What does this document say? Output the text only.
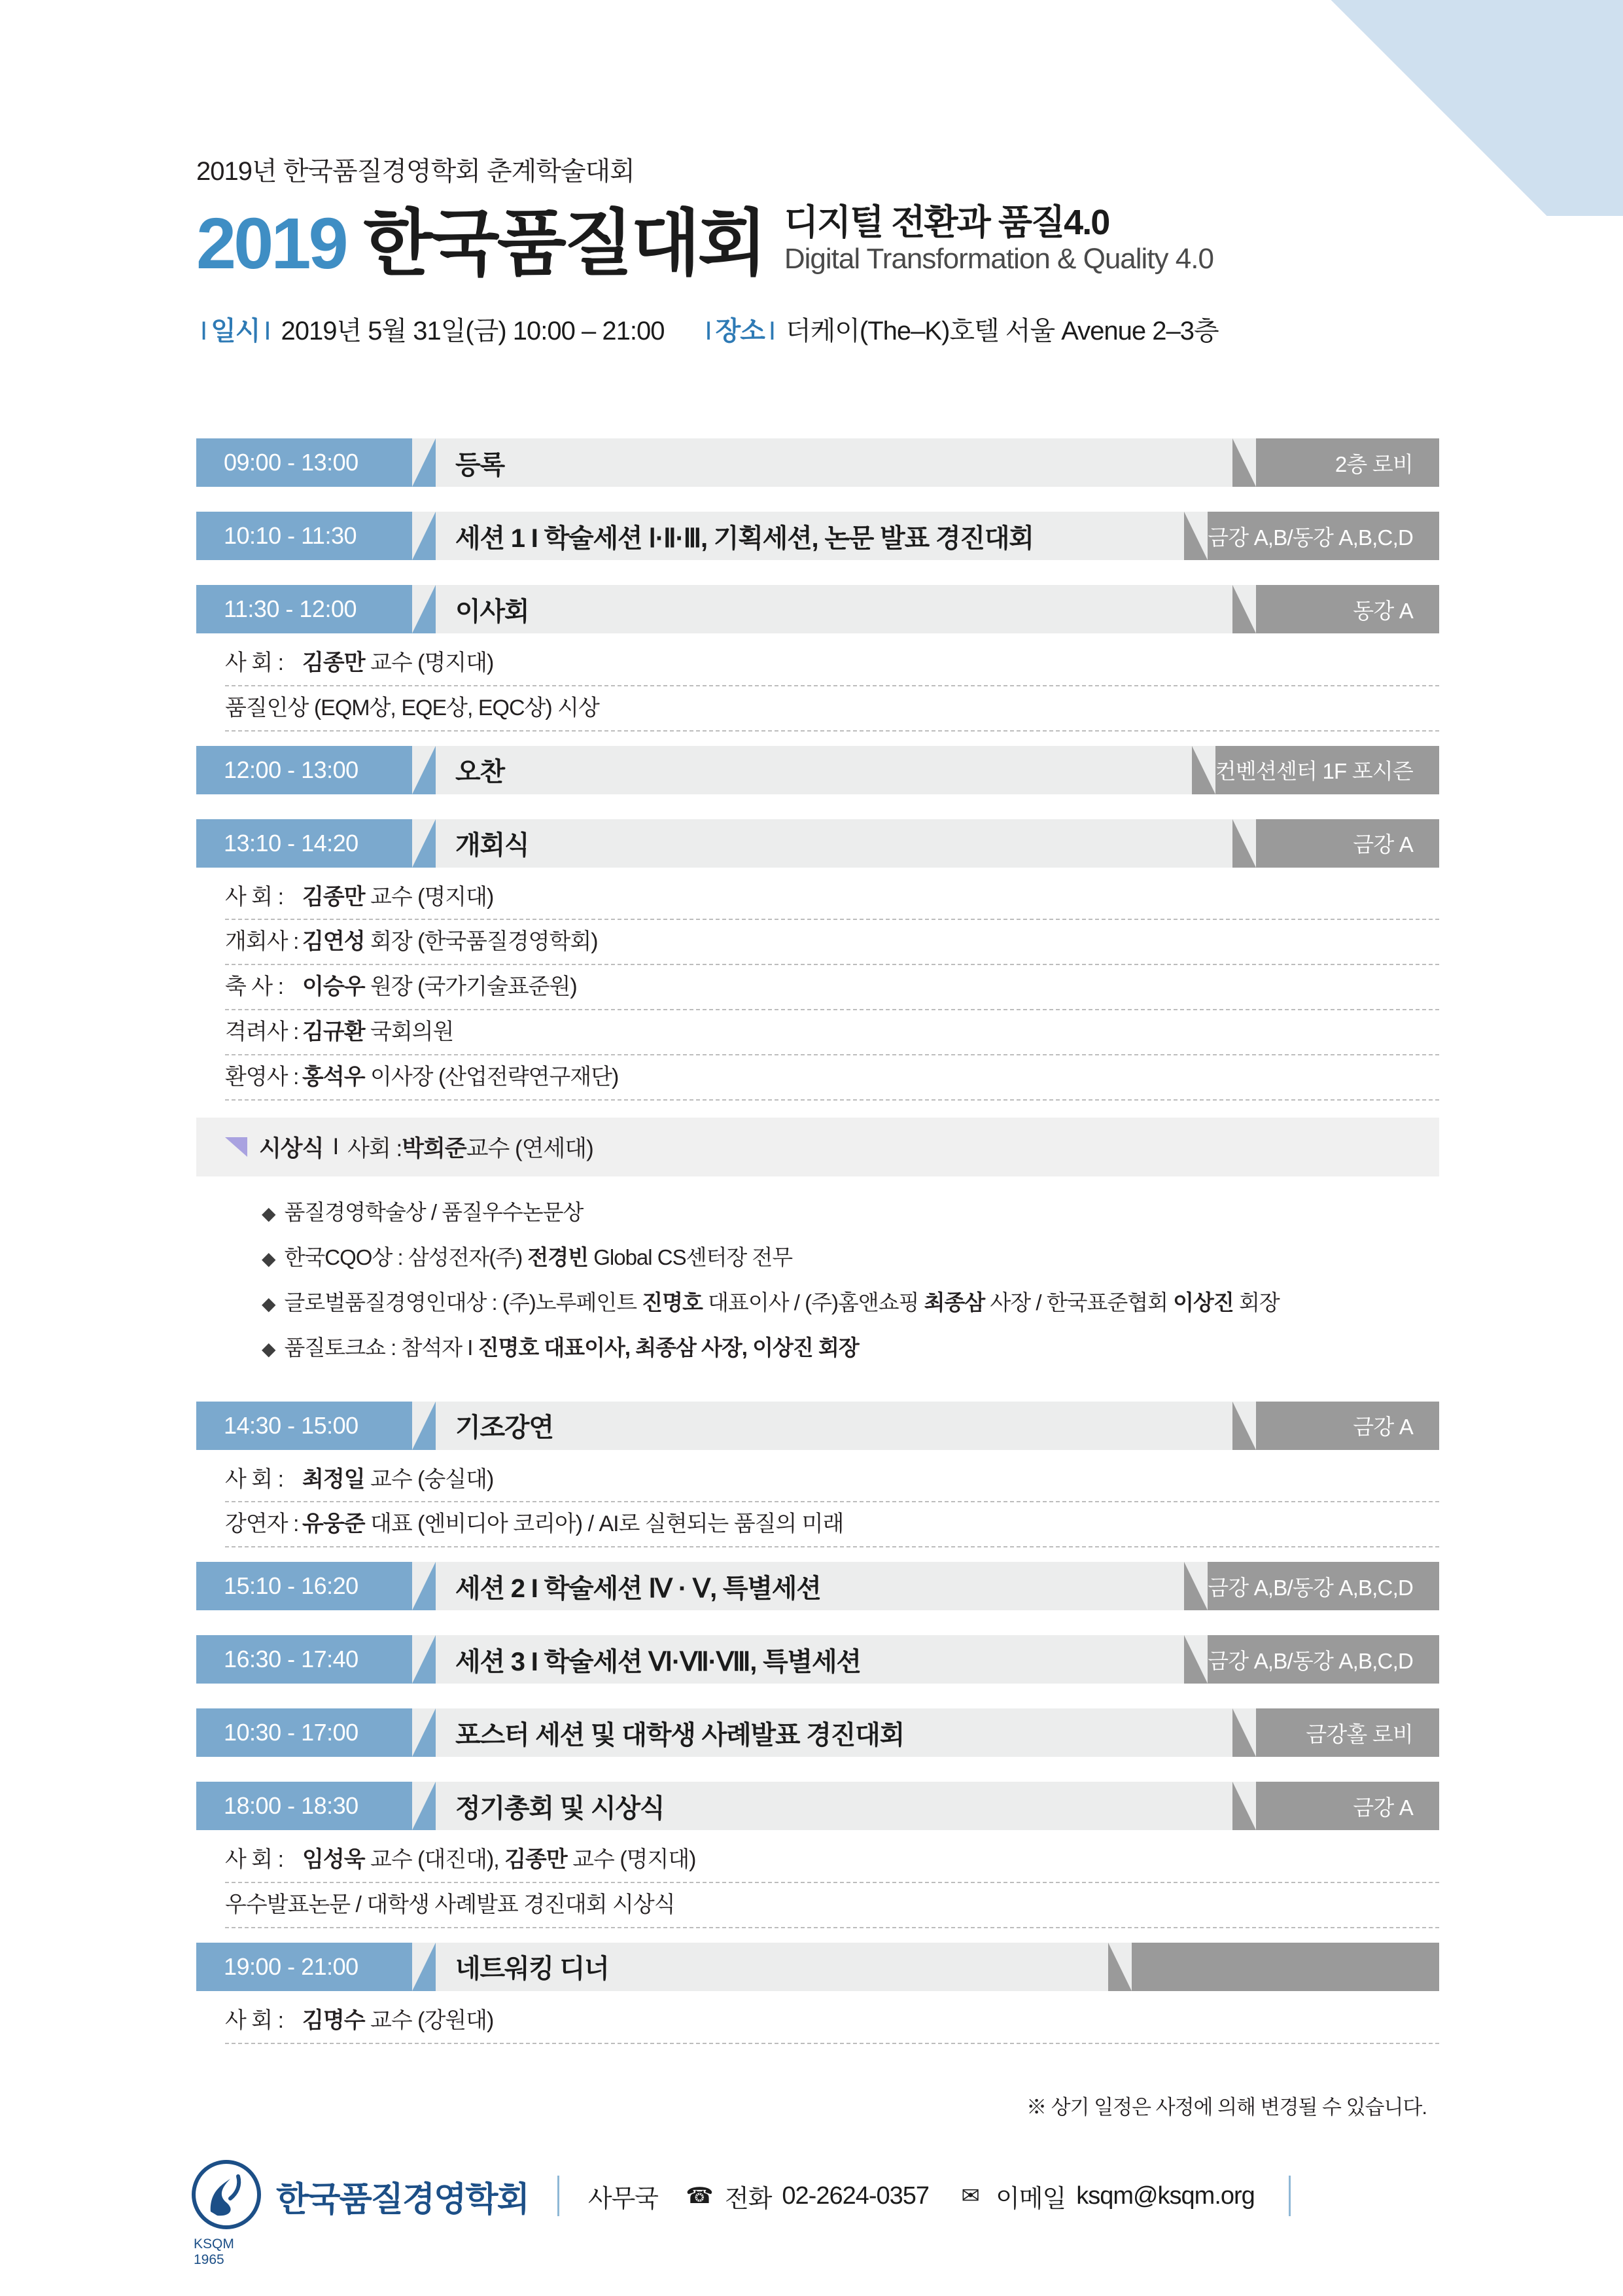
2019년 한국품질경영학회 춘계학술대회
2019 한국품질대회 디지털 전환과 품질4.0
Digital Transformation & Quality 4.0
I 일시 I 2019년 5월 31일(금) 10:00 – 21:00 I 장소 I 더케이(The–K)호텔 서울 Avenue 2–3층
09:00 - 13:00	등록	2층 로비
10:10 - 11:30	세션 1 I 학술세션 Ⅰ·Ⅱ·Ⅲ, 기획세션, 논문 발표 경진대회	금강 A,B/동강 A,B,C,D
11:30 - 12:00	이사회	동강 A
사 회 : 김종만 교수 (명지대)
품질인상 (EQM상, EQE상, EQC상) 시상
12:00 - 13:00	오찬	컨벤션센터 1F 포시즌
13:10 - 14:20	개회식	금강 A
사 회 : 김종만 교수 (명지대)
개회사 : 김연성 회장 (한국품질경영학회)
축 사 : 이승우 원장 (국가기술표준원)
격려사 : 김규환 국회의원
환영사 : 홍석우 이사장 (산업전략연구재단)
시상식 I 사회 : 박희준 교수 (연세대)
◆ 품질경영학술상 / 품질우수논문상
◆ 한국CQO상 : 삼성전자(주) 전경빈 Global CS센터장 전무
◆ 글로벌품질경영인대상 : (주)노루페인트 진명호 대표이사 / (주)홈앤쇼핑 최종삼 사장 / 한국표준협회 이상진 회장
◆ 품질토크쇼 : 참석자 I 진명호 대표이사, 최종삼 사장, 이상진 회장
14:30 - 15:00	기조강연	금강 A
사 회 : 최정일 교수 (숭실대)
강연자 : 유웅준 대표 (엔비디아 코리아) / AI로 실현되는 품질의 미래
15:10 - 16:20	세션 2 I 학술세션 Ⅳ · Ⅴ, 특별세션	금강 A,B/동강 A,B,C,D
16:30 - 17:40	세션 3 I 학술세션 Ⅵ·Ⅶ·Ⅷ, 특별세션	금강 A,B/동강 A,B,C,D
10:30 - 17:00	포스터 세션 및 대학생 사례발표 경진대회	금강홀 로비
18:00 - 18:30	정기총회 및 시상식	금강 A
사 회 : 임성욱 교수 (대진대), 김종만 교수 (명지대)
우수발표논문 / 대학생 사례발표 경진대회 시상식
19:00 - 21:00	네트워킹 디너
사 회 : 김명수 교수 (강원대)
※ 상기 일정은 사정에 의해 변경될 수 있습니다.
KSQM 1965
한국품질경영학회 사무국 ☎ 전화 02-2624-0357 ✉ 이메일 ksqm@ksqm.org
